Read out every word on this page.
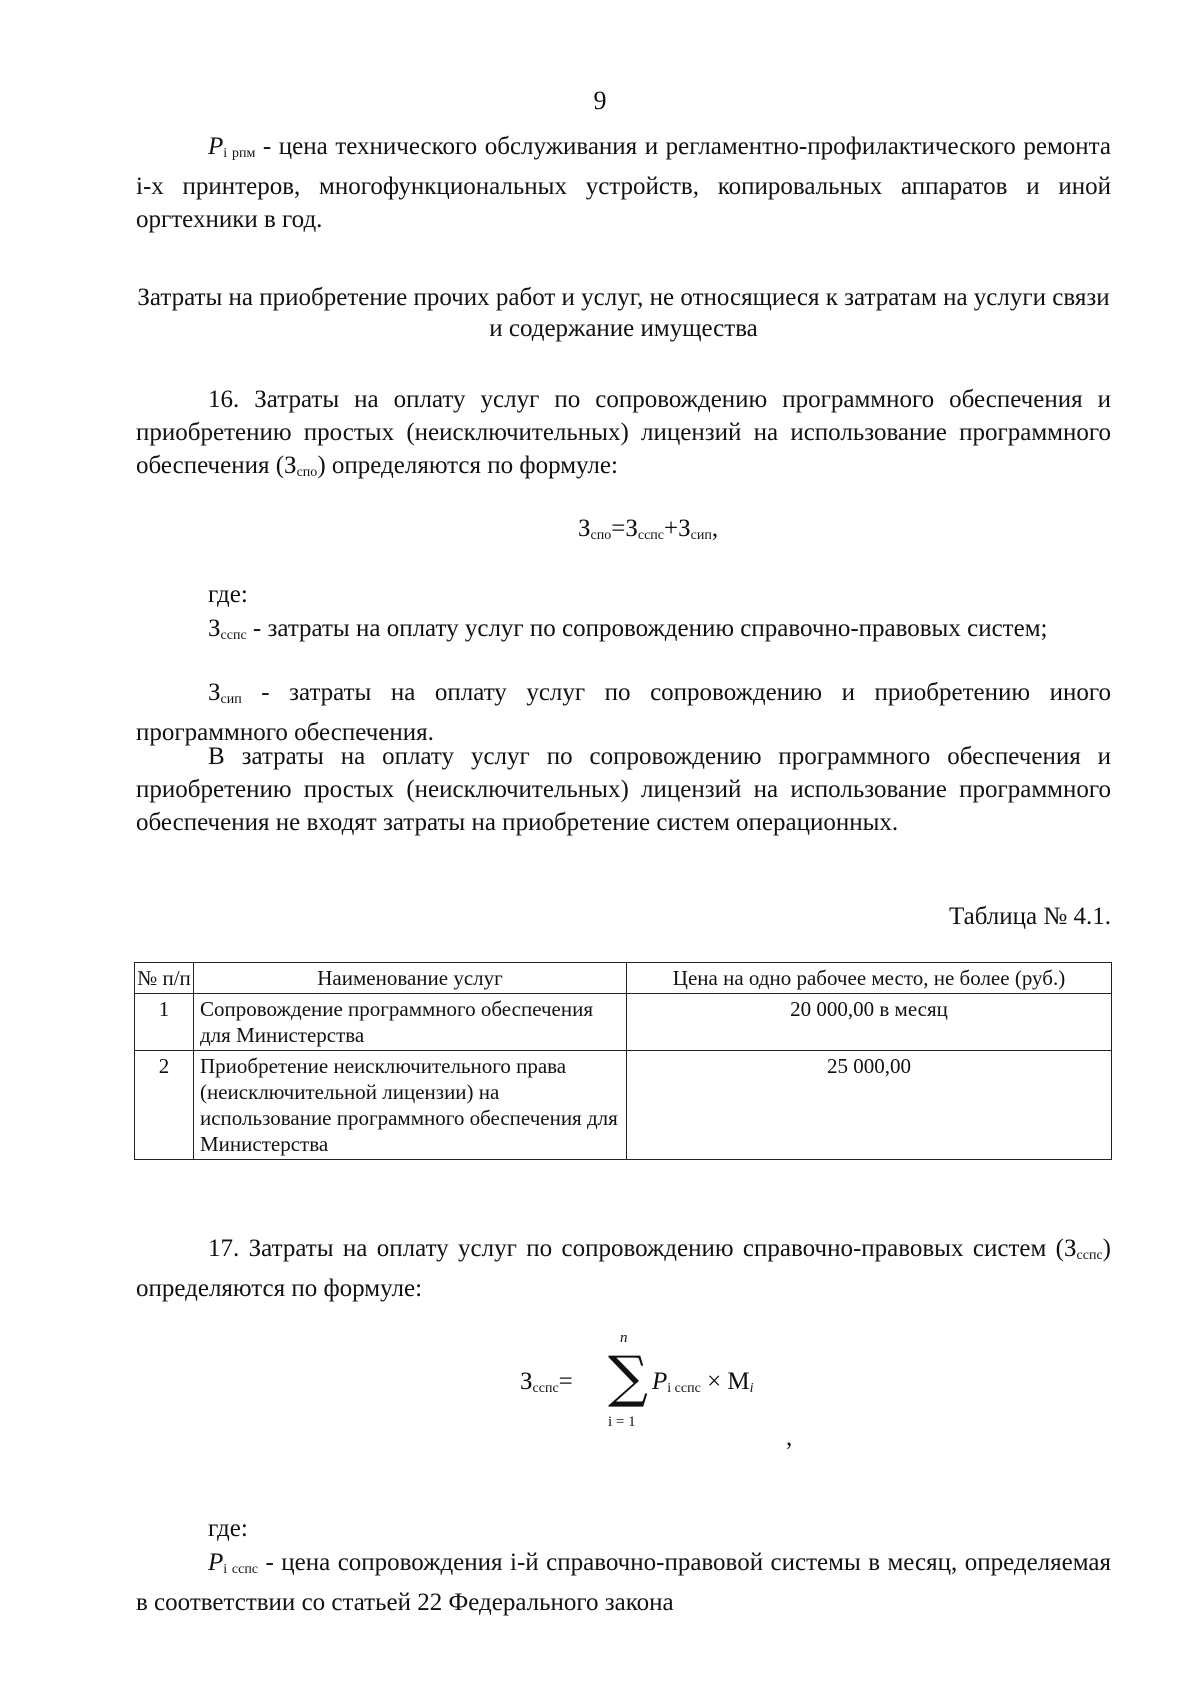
9
$P_{i рпм}$ - цена технического обслуживания и регламентно-профилактического ремонта i-х принтеров, многофункциональных устройств, копировальных аппаратов и иной оргтехники в год.
Затраты на приобретение прочих работ и услуг, не относящиеся к затратам на услуги связи и содержание имущества
16. Затраты на оплату услуг по сопровождению программного обеспечения и приобретению простых (неисключительных) лицензий на использование программного обеспечения $(З_{спо})$ определяются по формуле:
$З_{спо}=З_{сспс}+З_{сип}$,
где:
$З_{сспс}$ - затраты на оплату услуг по сопровождению справочно-правовых систем;
$З_{сип}$ - затраты на оплату услуг по сопровождению и приобретению иного программного обеспечения.
В затраты на оплату услуг по сопровождению программного обеспечения и приобретению простых (неисключительных) лицензий на использование программного обеспечения не входят затраты на приобретение систем операционных.
Таблица № 4.1.
№ п/п	Наименование услуг	Цена на одно рабочее место, не более (руб.)
1	Сопровождение программного обеспечения для Министерства	20 000,00 в месяц
2	Приобретение неисключительного права (неисключительной лицензии) на использование программного обеспечения для Министерства	25 000,00
17. Затраты на оплату услуг по сопровождению справочно-правовых систем $(З_{сспс})$ определяются по формуле:
$З_{сспс}=$
n
∑
i = 1
$P_{i сспс} \times M_i$
,
где:
$P_{i сспс}$ - цена сопровождения i-й справочно-правовой системы в месяц, определяемая в соответствии со статьей 22 Федерального закона
